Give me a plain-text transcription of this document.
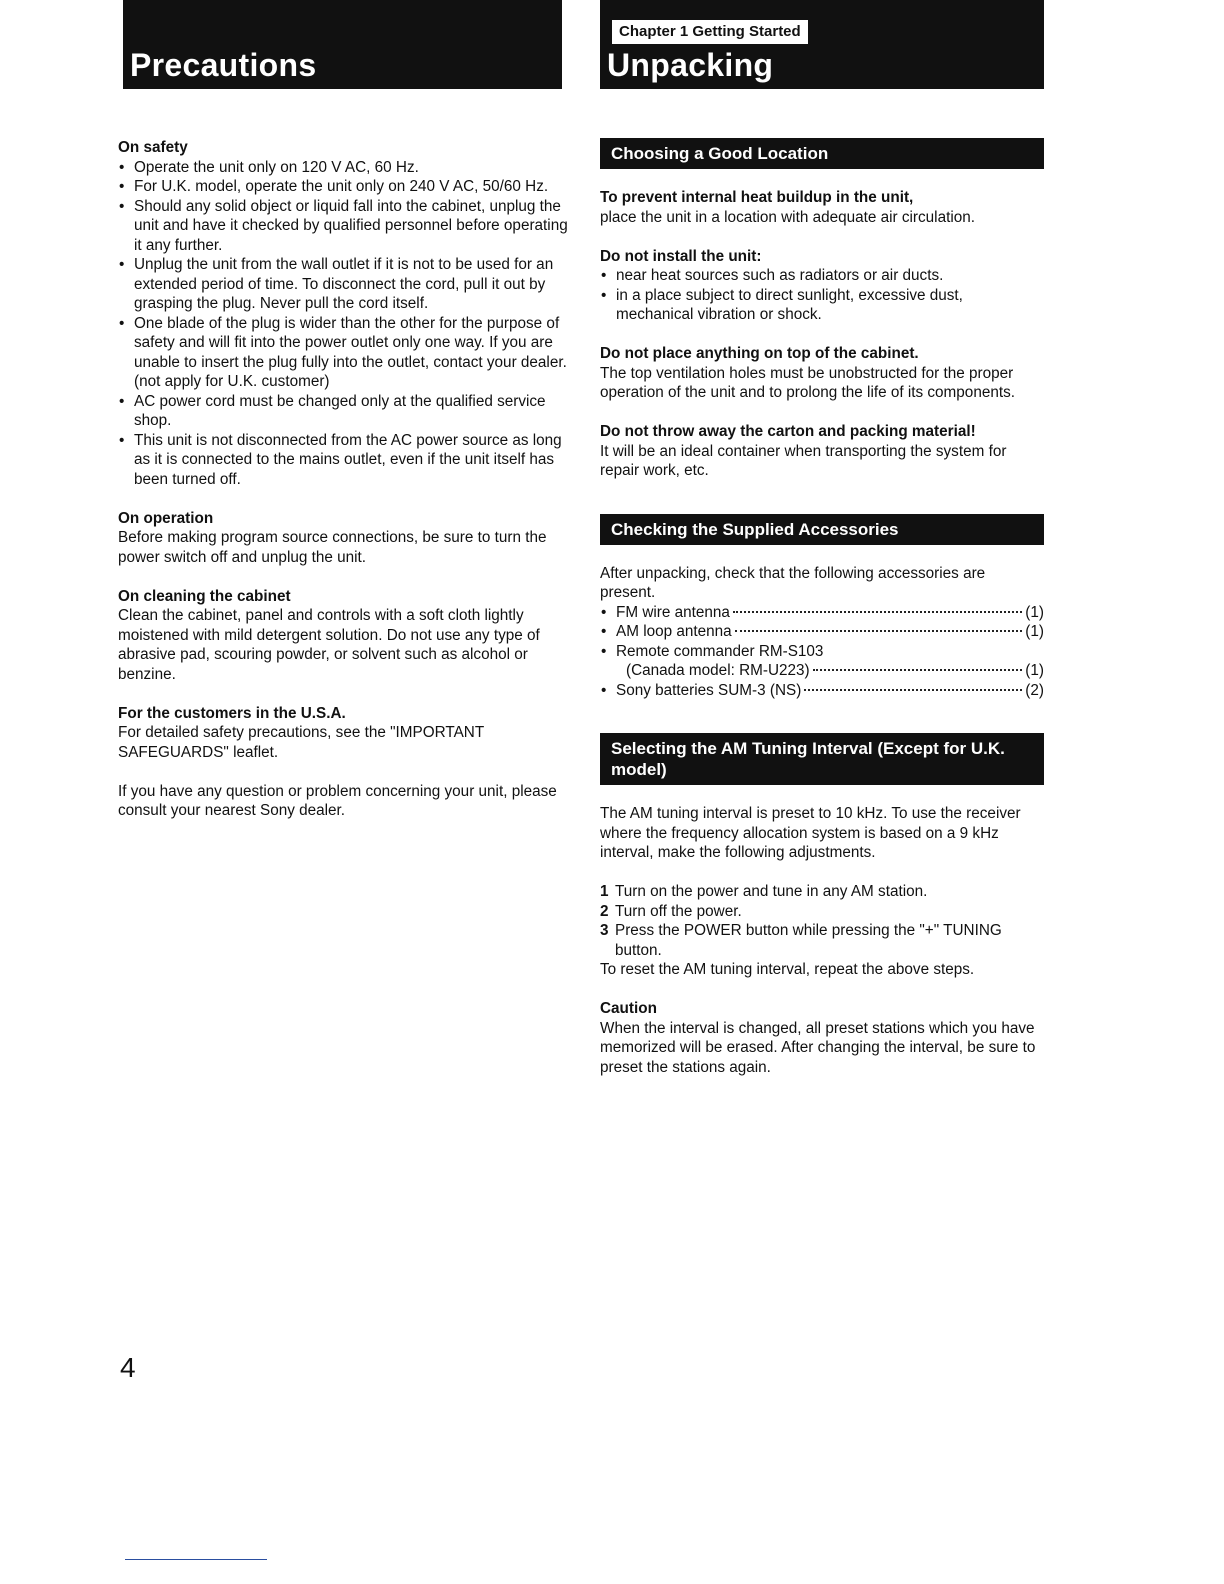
Precautions
Chapter 1 Getting Started
Unpacking
On safety
• Operate the unit only on 120 V AC, 60 Hz.
• For U.K. model, operate the unit only on 240 V AC, 50/60 Hz.
• Should any solid object or liquid fall into the cabinet, unplug the unit and have it checked by qualified personnel before operating it any further.
• Unplug the unit from the wall outlet if it is not to be used for an extended period of time. To disconnect the cord, pull it out by grasping the plug. Never pull the cord itself.
• One blade of the plug is wider than the other for the purpose of safety and will fit into the power outlet only one way. If you are unable to insert the plug fully into the outlet, contact your dealer. (not apply for U.K. customer)
• AC power cord must be changed only at the qualified service shop.
• This unit is not disconnected from the AC power source as long as it is connected to the mains outlet, even if the unit itself has been turned off.
On operation

Before making program source connections, be sure to turn the power switch off and unplug the unit.

On cleaning the cabinet

Clean the cabinet, panel and controls with a soft cloth lightly moistened with mild detergent solution. Do not use any type of abrasive pad, scouring powder, or solvent such as alcohol or benzine.

For the customers in the U.S.A.

For detailed safety precautions, see the "IMPORTANT SAFEGUARDS" leaflet.

If you have any question or problem concerning your unit, please consult your nearest Sony dealer.

Choosing a Good Location
To prevent internal heat buildup in the unit,

place the unit in a location with adequate air circulation.

Do not install the unit:
• near heat sources such as radiators or air ducts.
• in a place subject to direct sunlight, excessive dust, mechanical vibration or shock.
Do not place anything on top of the cabinet.

The top ventilation holes must be unobstructed for the proper operation of the unit and to prolong the life of its components.

Do not throw away the carton and packing material!

It will be an ideal container when transporting the system for repair work, etc.

Checking the Supplied Accessories

After unpacking, check that the following accessories are present.

• FM wire antenna	(1)
• AM loop antenna	(1)
• Remote commander RM-S103
(Canada model: RM-U223)	(1)
• Sony batteries SUM-3 (NS)	(2)
Selecting the AM Tuning Interval (Except for U.K. model)

The AM tuning interval is preset to 10 kHz. To use the receiver where the frequency allocation system is based on a 9 kHz interval, make the following adjustments.

1 Turn on the power and tune in any AM station.
2 Turn off the power.
3 Press the POWER button while pressing the "+" TUNING button.

To reset the AM tuning interval, repeat the above steps.

Caution

When the interval is changed, all preset stations which you have memorized will be erased. After changing the interval, be sure to preset the stations again.

4
